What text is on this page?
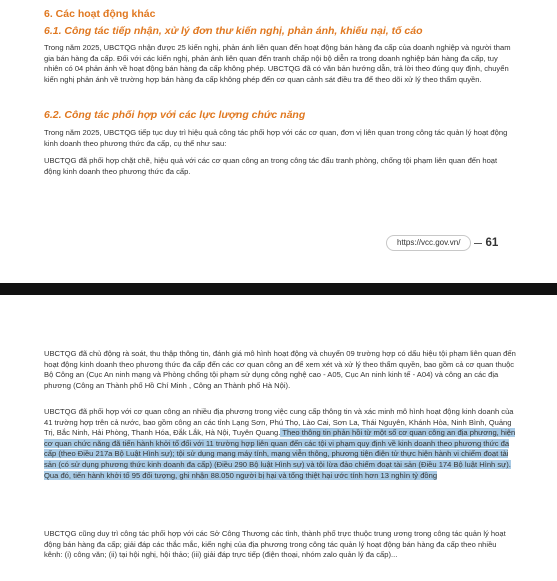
6. Các hoạt động khác
6.1. Công tác tiếp nhận, xử lý đơn thư kiến nghị, phản ánh, khiếu nại, tố cáo
Trong năm 2025, UBCTQG nhận được 25 kiến nghị, phản ánh liên quan đến hoạt động bán hàng đa cấp của doanh nghiệp và người tham gia bán hàng đa cấp. Đối với các kiến nghị, phản ánh liên quan đến tranh chấp nội bộ diễn ra trong doanh nghiệp bán hàng đa cấp, tuy nhiên có 04 phản ánh về hoạt động bán hàng đa cấp không phép. UBCTQG đã có văn bản hướng dẫn, trả lời theo đúng quy định, chuyển kiến nghị phản ánh về trường hợp bán hàng đa cấp không phép đến cơ quan cảnh sát điều tra để theo dõi xử lý theo thẩm quyền.
6.2. Công tác phối hợp với các lực lượng chức năng
Trong năm 2025, UBCTQG tiếp tục duy trì hiệu quả công tác phối hợp với các cơ quan, đơn vị liên quan trong công tác quản lý hoạt động kinh doanh theo phương thức đa cấp, cụ thể như sau:
UBCTQG đã phối hợp chặt chẽ, hiệu quả với các cơ quan công an trong công tác đấu tranh phòng, chống tội phạm liên quan đến hoạt động kinh doanh theo phương thức đa cấp.
https://vcc.gov.vn/	61
UBCTQG đã chủ động rà soát, thu thập thông tin, đánh giá mô hình hoạt động và chuyển 09 trường hợp có dấu hiệu tội phạm liên quan đến hoạt động kinh doanh theo phương thức đa cấp đến các cơ quan công an để xem xét và xử lý theo thẩm quyền, bao gồm cả cơ quan thuộc Bộ Công an (Cục An ninh mạng và Phòng chống tội phạm sử dụng công nghệ cao - A05, Cục An ninh kinh tế - A04) và công an các địa phương (Công an Thành phố Hồ Chí Minh , Công an Thành phố Hà Nội).
UBCTQG đã phối hợp với cơ quan công an nhiều địa phương trong việc cung cấp thông tin và xác minh mô hình hoạt động kinh doanh của 41 trường hợp trên cả nước, bao gồm công an các tỉnh Lạng Sơn, Phú Thọ, Lào Cai, Sơn La, Thái Nguyên, Khánh Hòa, Ninh Bình, Quảng Trị, Bắc Ninh, Hải Phòng, Thanh Hóa, Đắk Lắk, Hà Nội, Tuyên Quang. Theo thông tin phản hồi từ một số cơ quan công an địa phương, hiện cơ quan chức năng đã tiến hành khởi tố đối với 11 trường hợp liên quan đến các tội vi phạm quy định về kinh doanh theo phương thức đa cấp (theo Điều 217a Bộ Luật Hình sự); tội sử dụng mạng máy tính, mạng viễn thông, phương tiện điện tử thực hiện hành vi chiếm đoạt tài sản (có sử dụng phương thức kinh doanh đa cấp) (Điều 290 Bộ luật Hình sự) và tội lừa đảo chiếm đoạt tài sản (Điều 174 Bộ luật Hình sự). Qua đó, tiến hành khởi tố 95 đối tượng, ghi nhận 88.050 người bị hại và tổng thiệt hại ước tính hơn 13 nghìn tỷ đồng
UBCTQG cũng duy trì công tác phối hợp với các Sở Công Thương các tỉnh, thành phố trực thuộc trung ương trong công tác quản lý hoạt động bán hàng đa cấp; giải đáp các thắc mắc, kiến nghị của địa phương trong công tác quản lý hoạt động bán hàng đa cấp theo nhiều kênh: (i) công văn; (ii) tại hội nghị, hội thảo; (iii) giải đáp trực tiếp (điện thoại, nhóm zalo quản lý đa cấp)...
